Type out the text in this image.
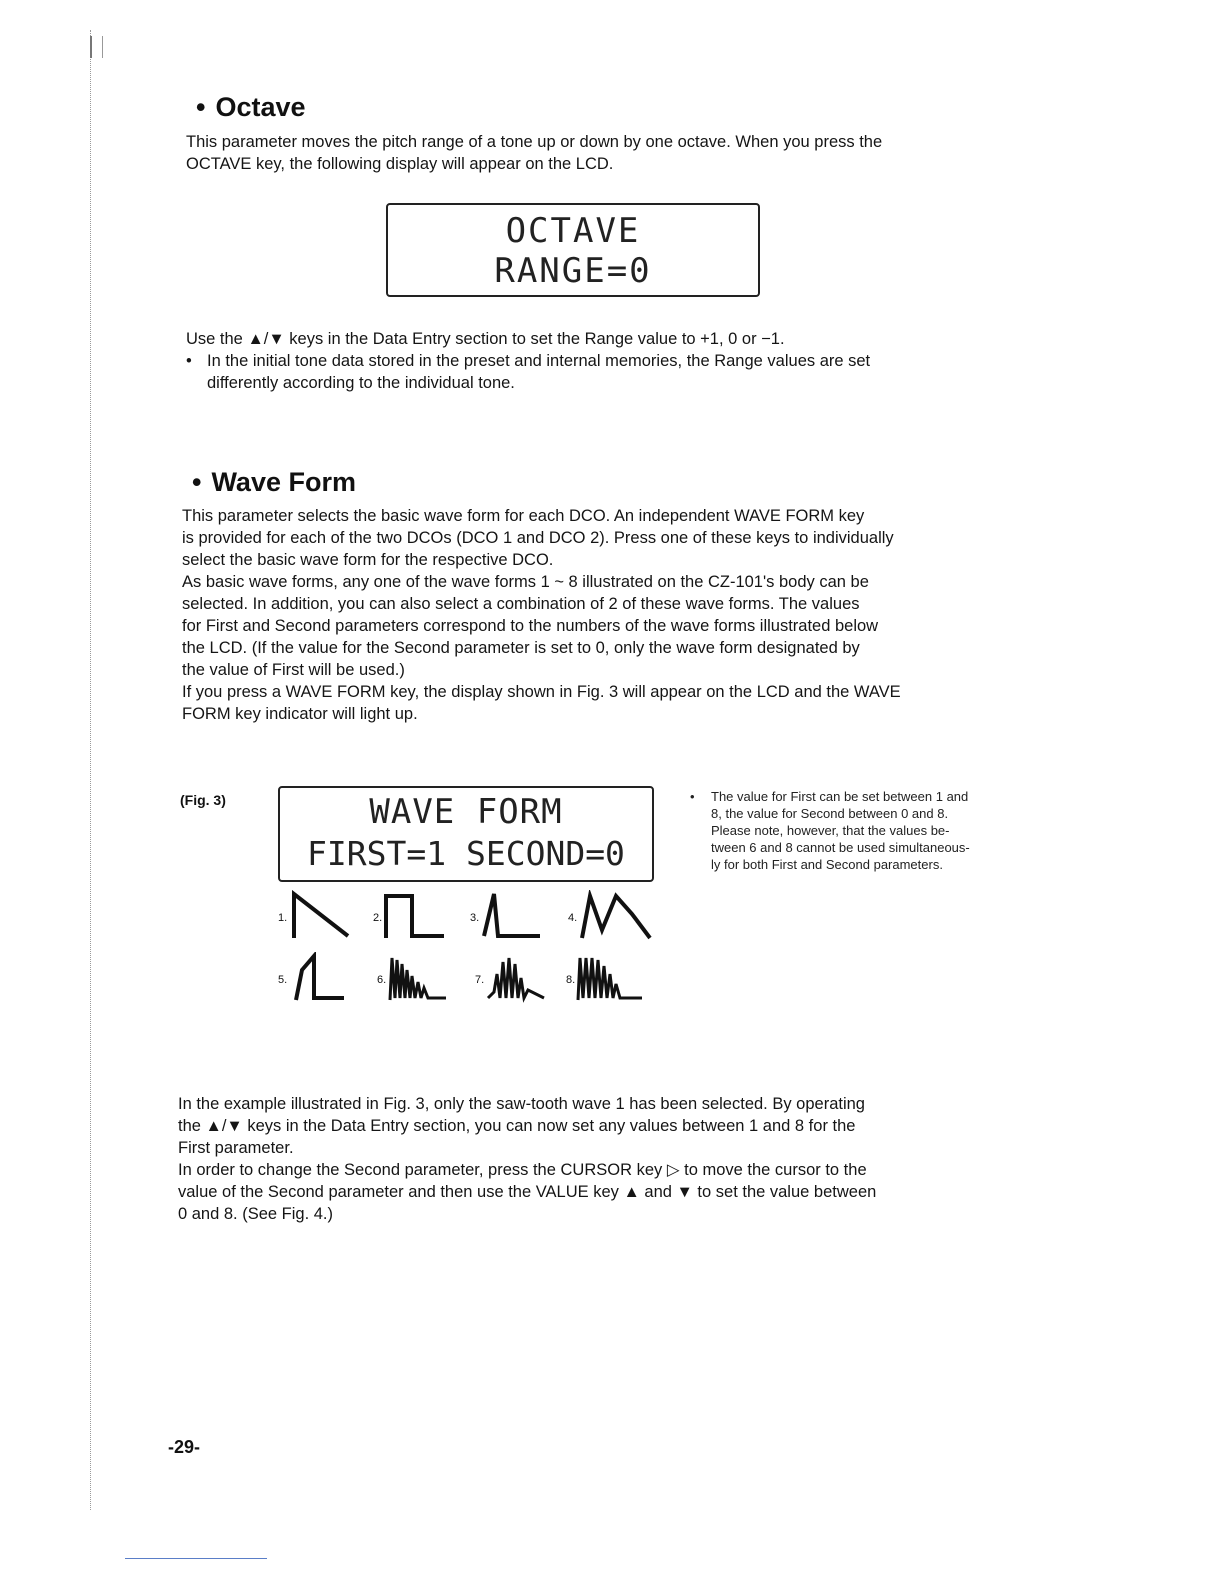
• Octave

This parameter moves the pitch range of a tone up or down by one octave. When you press the

OCTAVE key, the following display will appear on the LCD.

OCTAVE
RANGE=0

Use the ▲/▼ keys in the Data Entry section to set the Range value to +1, 0 or −1.

• In the initial tone data stored in the preset and internal memories, the Range values are set

differently according to the individual tone.

• Wave Form

This parameter selects the basic wave form for each DCO. An independent WAVE FORM key

is provided for each of the two DCOs (DCO 1 and DCO 2). Press one of these keys to individually

select the basic wave form for the respective DCO.

As basic wave forms, any one of the wave forms 1 ~ 8 illustrated on the CZ-101's body can be

selected. In addition, you can also select a combination of 2 of these wave forms. The values

for First and Second parameters correspond to the numbers of the wave forms illustrated below

the LCD. (If the value for the Second parameter is set to 0, only the wave form designated by

the value of First will be used.)

If you press a WAVE FORM key, the display shown in Fig. 3 will appear on the LCD and the WAVE

FORM key indicator will light up.

(Fig. 3)	WAVE FORM
FIRST=1 SECOND=0
1.	2.	3.	4.
5.	6.	7.	8.
• The value for First can be set between 1 and

8, the value for Second between 0 and 8.

Please note, however, that the values be-

tween 6 and 8 cannot be used simultaneous-

ly for both First and Second parameters.

In the example illustrated in Fig. 3, only the saw-tooth wave 1 has been selected. By operating

the ▲/▼ keys in the Data Entry section, you can now set any values between 1 and 8 for the

First parameter.

In order to change the Second parameter, press the CURSOR key ▷ to move the cursor to the

value of the Second parameter and then use the VALUE key ▲ and ▼ to set the value between

0 and 8. (See Fig. 4.)

-29-
